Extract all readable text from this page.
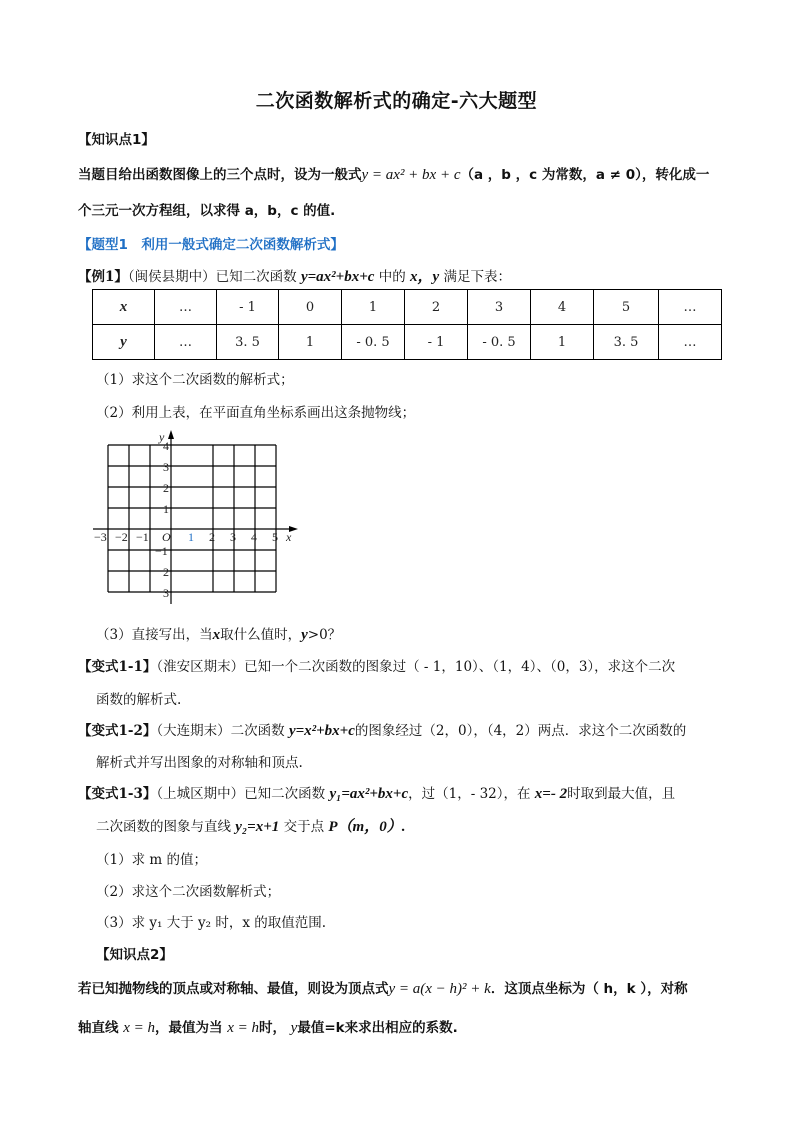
二次函数解析式的确定-六大题型
【知识点1】
当题目给出函数图像上的三个点时，设为一般式y = ax² + bx + c（a ，b ，c 为常数，a ≠ 0），转化成一
个三元一次方程组，以求得 a，b，c 的值.
【题型1　利用一般式确定二次函数解析式】
【例1】（闽侯县期中）已知二次函数 y=ax²+bx+c 中的 x，y 满足下表：
x	…	- 1	0	1	2	3	4	5	…
y	…	3. 5	1	- 0. 5	- 1	- 0. 5	1	3. 5	…
（1）求这个二次函数的解析式；
（2）利用上表，在平面直角坐标系画出这条抛物线；
x
y
O
−3 −2 −1	1 2 3 4 5
4
3
2
1
−1
2
3
（3）直接写出，当x取什么值时，y>0？
【变式1-1】（淮安区期末）已知一个二次函数的图象过（ - 1，10）、（1，4）、（0，3），求这个二次
函数的解析式.
【变式1-2】（大连期末）二次函数 y=x²+bx+c的图象经过（2，0），（4，2）两点．求这个二次函数的
解析式并写出图象的对称轴和顶点.
【变式1-3】（上城区期中）已知二次函数 y₁=ax²+bx+c，过（1，- 32），在 x=- 2时取到最大值，且
二次函数的图象与直线 y₂=x+1 交于点 P（m，0）.
（1）求 m 的值；
（2）求这个二次函数解析式；
（3）求 y₁ 大于 y₂ 时，x 的取值范围.
【知识点2】
若已知抛物线的顶点或对称轴、最值，则设为顶点式y = a(x − h)² + k．这顶点坐标为（ h，k ），对称
轴直线 x = h，最值为当 x = h时， y最值=k来求出相应的系数.
